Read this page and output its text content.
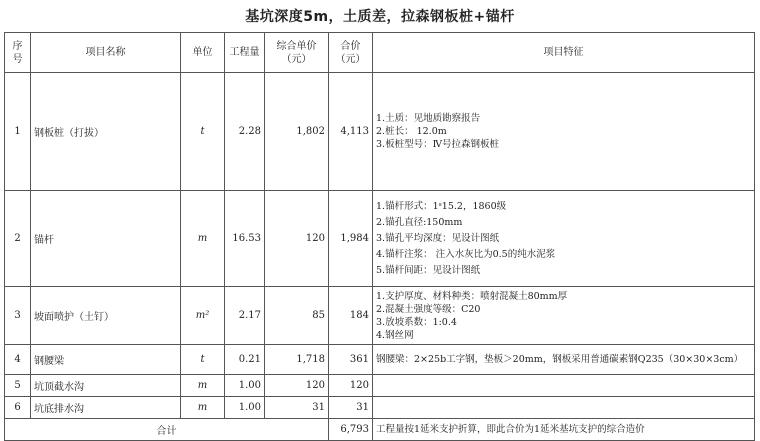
基坑深度5m，土质差，拉森钢板桩+锚杆
序号	项目名称	单位	工程量	综合单价（元）	合价（元）	项目特征
1	钢板桩（打拔）	t	2.28	1,802	4,113	1.土质：见地质勘察报告
2.桩长： 12.0m
3.板桩型号：Ⅳ号拉森钢板桩

2	锚杆	m	16.53	120	1,984	1.锚杆形式：1ˢ15.2，1860级
2.锚孔直径:150mm
3.锚孔平均深度：见设计图纸
4.锚杆注浆： 注入水灰比为0.5的纯水泥浆
5.锚杆间距：见设计图纸

3	坡面喷护（土钉）	m²	2.17	85	184	1.支护厚度、材料种类：喷射混凝土80mm厚
2.混凝土强度等级：C20
3.放坡系数：1:0.4
4.钢丝网

4	钢腰梁	t	0.21	1,718	361	钢腰梁：2×25b工字钢，垫板＞20mm，钢板采用普通碳素钢Q235（30×30×3cm）

5	坑顶截水沟	m	1.00	120	120	
6	坑底排水沟	m	1.00	31	31	
合计					6,793	工程量按1延米支护折算，即此合价为1延米基坑支护的综合造价
